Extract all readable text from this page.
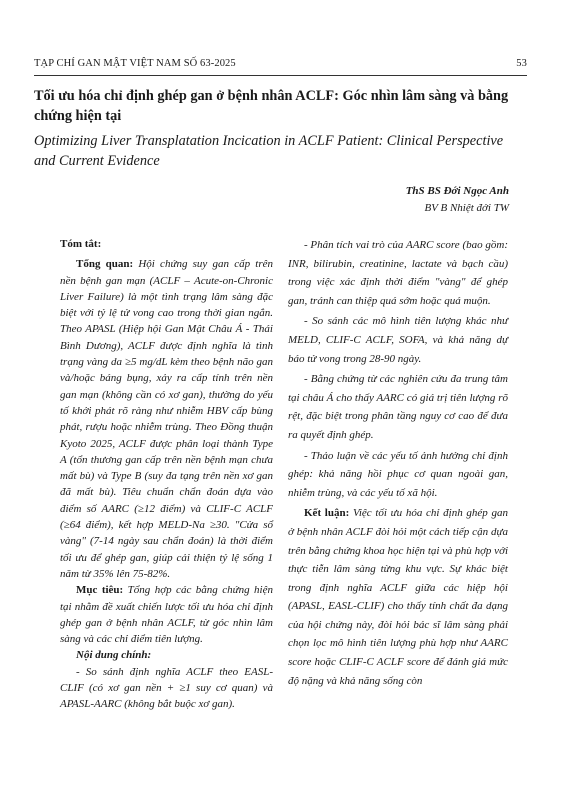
TẠP CHÍ GAN MẬT VIỆT NAM SỐ 63-2025	53
Tối ưu hóa chỉ định ghép gan ở bệnh nhân ACLF: Góc nhìn lâm sàng và bằng chứng hiện tại
Optimizing Liver Transplatation Incication in ACLF Patient: Clinical Perspective and Current Evidence
ThS BS Đới Ngọc Anh
BV B Nhiệt đới TW
Tóm tắt:

Tổng quan: Hội chứng suy gan cấp trên nền bệnh gan mạn (ACLF – Acute-on-Chronic Liver Failure) là một tình trạng lâm sàng đặc biệt với tỷ lệ tử vong cao trong thời gian ngắn. Theo APASL (Hiệp hội Gan Mật Châu Á - Thái Bình Dương), ACLF được định nghĩa là tình trạng vàng da ≥5 mg/dL kèm theo bệnh não gan và/hoặc báng bụng, xảy ra cấp tính trên nền gan mạn (không cần có xơ gan), thường do yếu tố khởi phát rõ ràng như nhiễm HBV cấp bùng phát, rượu hoặc nhiễm trùng. Theo Đồng thuận Kyoto 2025, ACLF được phân loại thành Type A (tổn thương gan cấp trên nền bệnh mạn chưa mất bù) và Type B (suy đa tạng trên nền xơ gan đã mất bù). Tiêu chuẩn chẩn đoán dựa vào điểm số AARC (≥12 điểm) và CLIF-C ACLF (≥64 điểm), kết hợp MELD-Na ≥30. "Cửa sổ vàng" (7-14 ngày sau chẩn đoán) là thời điểm tối ưu để ghép gan, giúp cải thiện tỷ lệ sống 1 năm từ 35% lên 75-82%.

Mục tiêu: Tổng hợp các bằng chứng hiện tại nhằm đề xuất chiến lược tối ưu hóa chỉ định ghép gan ở bệnh nhân ACLF, từ góc nhìn lâm sàng và các chỉ điểm tiên lượng.

Nội dung chính:

- So sánh định nghĩa ACLF theo EASL-CLIF (có xơ gan nền + ≥1 suy cơ quan) và APASL-AARC (không bắt buộc xơ gan).

- Phân tích vai trò của AARC score (bao gồm: INR, bilirubin, creatinine, lactate và bạch cầu) trong việc xác định thời điểm "vàng" để ghép gan, tránh can thiệp quá sớm hoặc quá muộn.

- So sánh các mô hình tiên lượng khác như MELD, CLIF-C ACLF, SOFA, và khả năng dự báo tử vong trong 28-90 ngày.

- Bằng chứng từ các nghiên cứu đa trung tâm tại châu Á cho thấy AARC có giá trị tiên lượng rõ rệt, đặc biệt trong phân tầng nguy cơ cao để đưa ra quyết định ghép.

- Thảo luận về các yếu tố ảnh hưởng chỉ định ghép: khả năng hồi phục cơ quan ngoài gan, nhiễm trùng, và các yếu tố xã hội.

Kết luận: Việc tối ưu hóa chỉ định ghép gan ở bệnh nhân ACLF đòi hỏi một cách tiếp cận dựa trên bằng chứng khoa học hiện tại và phù hợp với thực tiễn lâm sàng từng khu vực. Sự khác biệt trong định nghĩa ACLF giữa các hiệp hội (APASL, EASL-CLIF) cho thấy tính chất đa dạng của hội chứng này, đòi hỏi bác sĩ lâm sàng phải chọn lọc mô hình tiên lượng phù hợp như AARC score hoặc CLIF-C ACLF score để đánh giá mức độ nặng và khả năng sống còn
